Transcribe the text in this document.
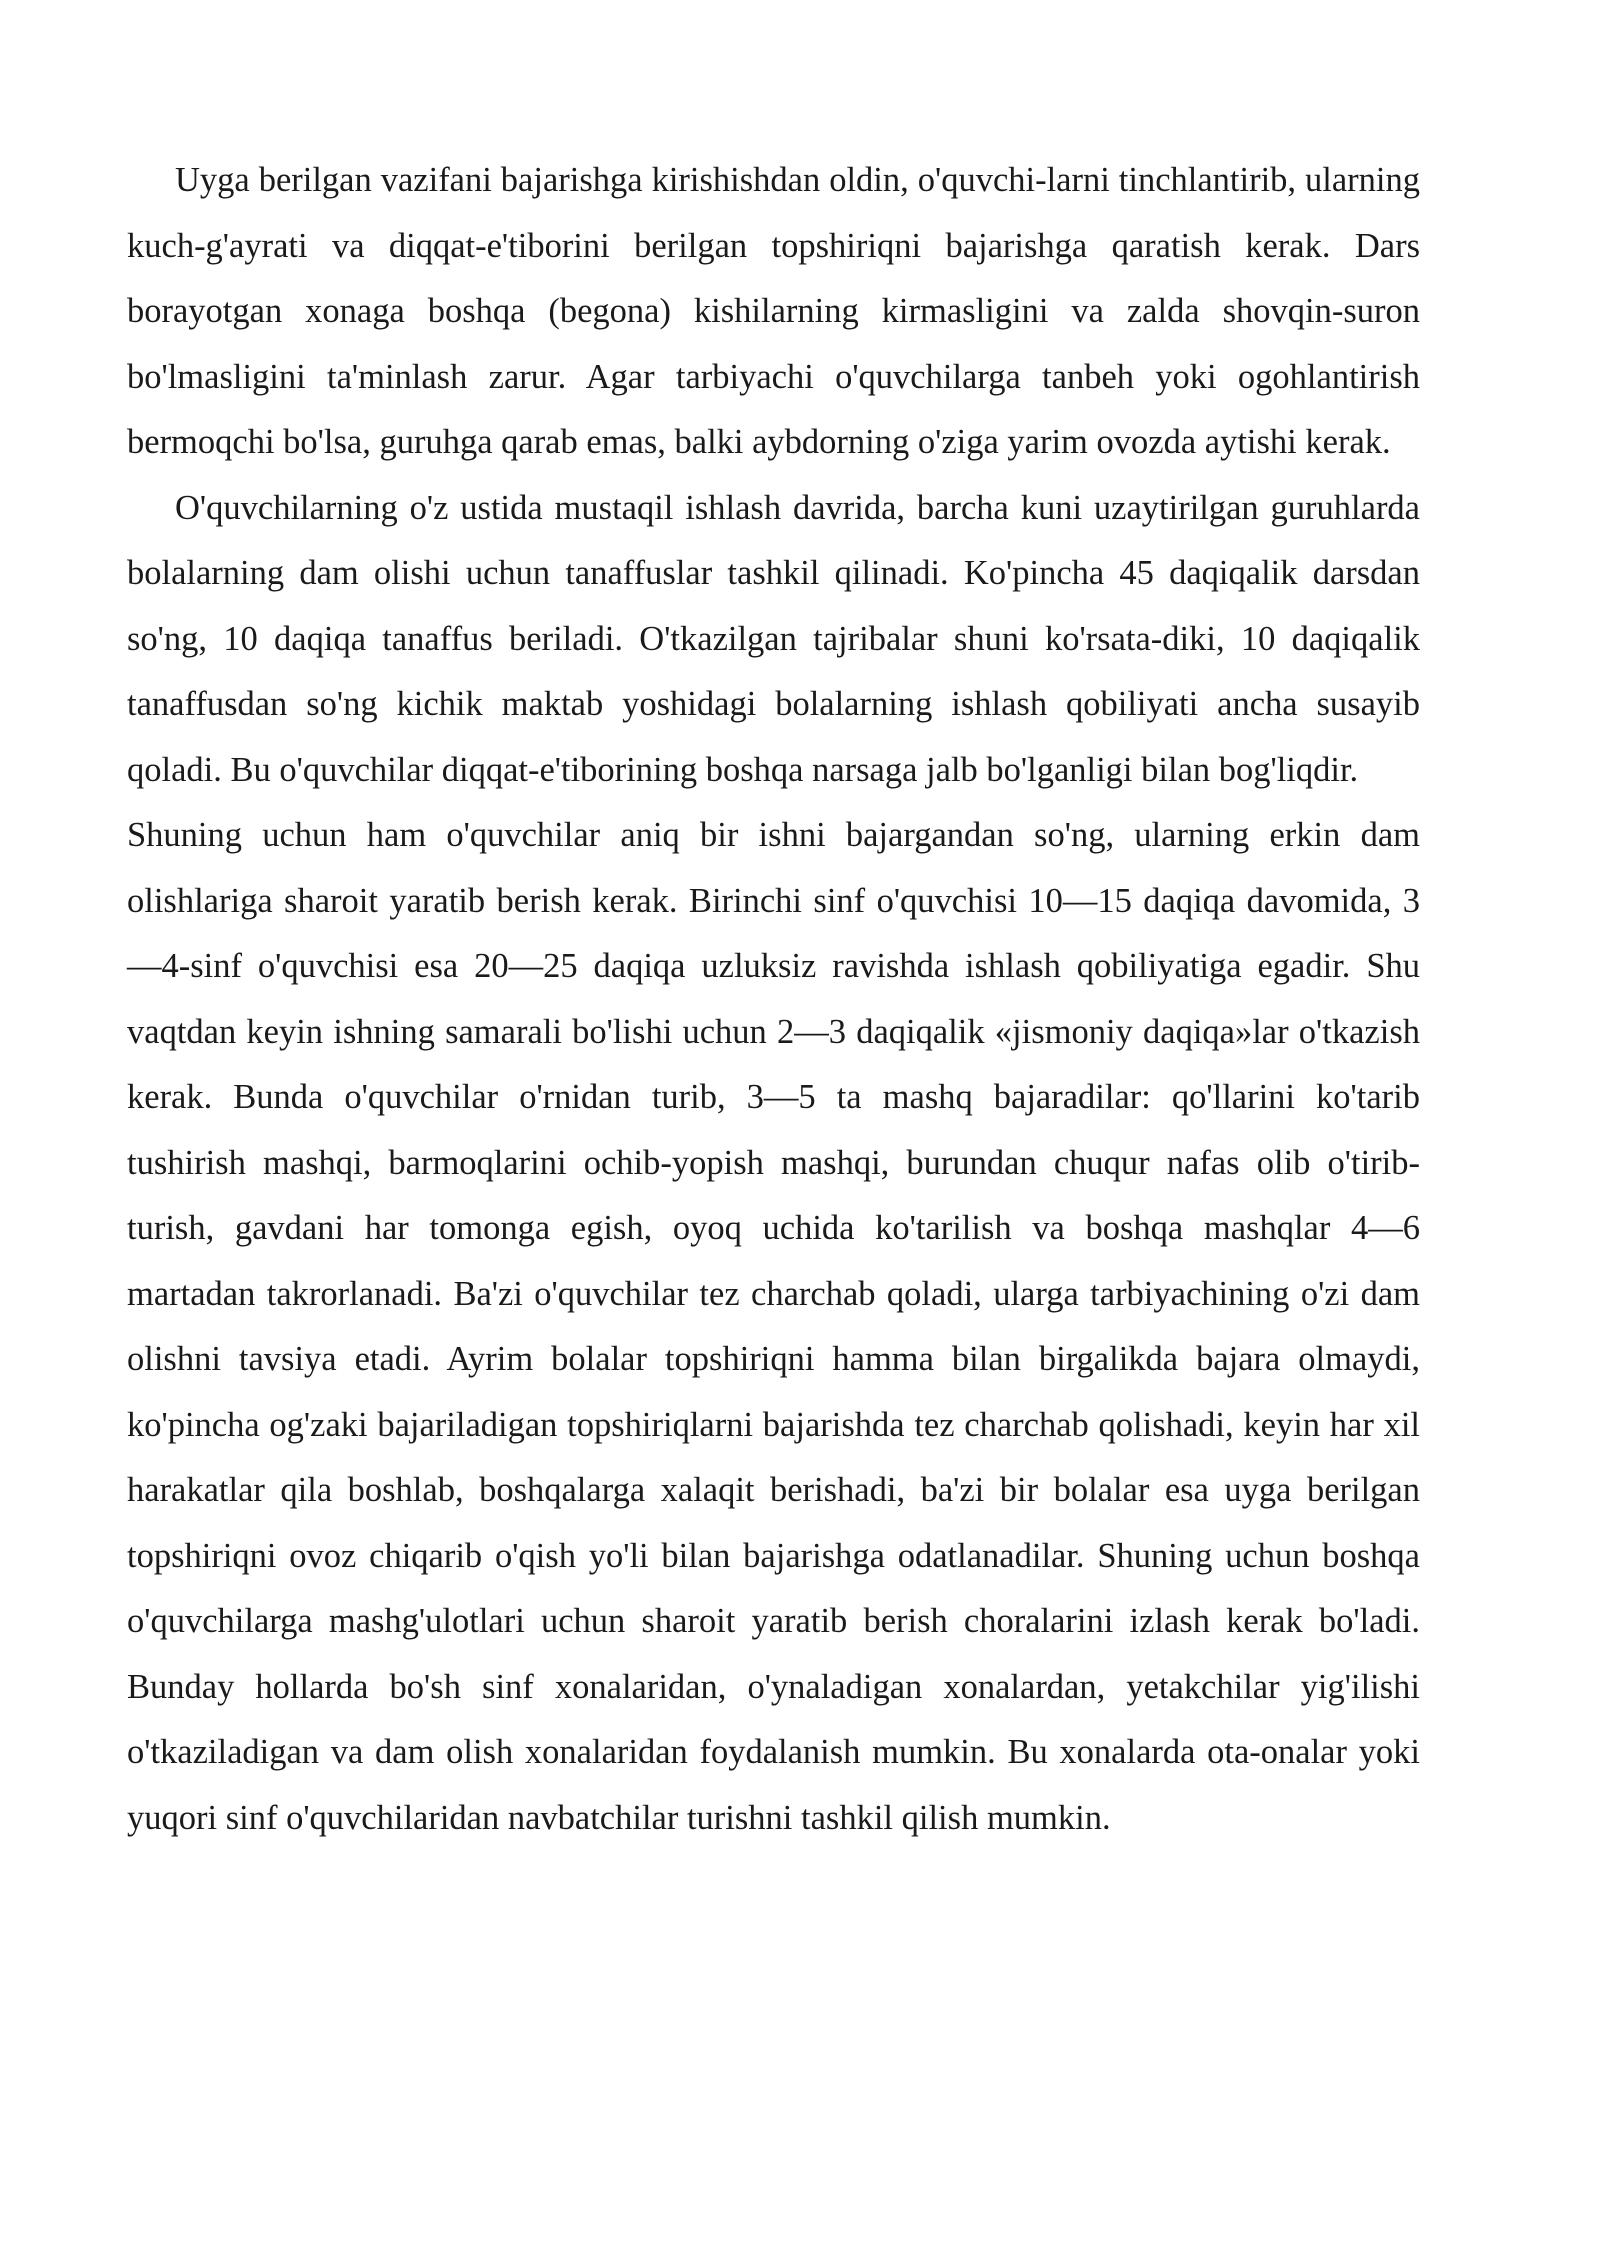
Uyga berilgan vazifani bajarishga kirishishdan oldin, o'quvchi-larni tinchlantirib, ularning kuch-g'ayrati va diqqat-e'tiborini berilgan topshiriqni bajarishga qaratish kerak. Dars borayotgan xonaga boshqa (begona) kishilarning kirmasligini va zalda shovqin-suron bo'lmasligini ta'minlash zarur. Agar tarbiyachi o'quvchilarga tanbeh yoki ogohlantirish bermoqchi bo'lsa, guruhga qarab emas, balki aybdorning o'ziga yarim ovozda aytishi kerak.

O'quvchilarning o'z ustida mustaqil ishlash davrida, barcha kuni uzaytirilgan guruhlarda bolalarning dam olishi uchun tanaffuslar tashkil qilinadi. Ko'pincha 45 daqiqalik darsdan so'ng, 10 daqiqa tanaffus beriladi. O'tkazilgan tajribalar shuni ko'rsata-diki, 10 daqiqalik tanaffusdan so'ng kichik maktab yoshidagi bolalarning ishlash qobiliyati ancha susayib qoladi. Bu o'quvchilar diqqat-e'tiborining boshqa narsaga jalb bo'lganligi bilan bog'liqdir.

Shuning uchun ham o'quvchilar aniq bir ishni bajargandan so'ng, ularning erkin dam olishlariga sharoit yaratib berish kerak. Birinchi sinf o'quvchisi 10—15 daqiqa davomida, 3—4-sinf o'quvchisi esa 20—25 daqiqa uzluksiz ravishda ishlash qobiliyatiga egadir. Shu vaqtdan keyin ishning samarali bo'lishi uchun 2—3 daqiqalik «jismoniy daqiqa»lar o'tkazish kerak. Bunda o'quvchilar o'rnidan turib, 3—5 ta mashq bajaradilar: qo'llarini ko'tarib tushirish mashqi, barmoqlarini ochib-yopish mashqi, burundan chuqur nafas olib o'tirib-turish, gavdani har tomonga egish, oyoq uchida ko'tarilish va boshqa mashqlar 4—6 martadan takrorlanadi. Ba'zi o'quvchilar tez charchab qoladi, ularga tarbiyachining o'zi dam olishni tavsiya etadi. Ayrim bolalar topshiriqni hamma bilan birgalikda bajara olmaydi, ko'pincha og'zaki bajariladigan topshiriqlarni bajarishda tez charchab qolishadi, keyin har xil harakatlar qila boshlab, boshqalarga xalaqit berishadi, ba'zi bir bolalar esa uyga berilgan topshiriqni ovoz chiqarib o'qish yo'li bilan bajarishga odatlanadilar. Shuning uchun boshqa o'quvchilarga mashg'ulotlari uchun sharoit yaratib berish choralarini izlash kerak bo'ladi. Bunday hollarda bo'sh sinf xonalaridan, o'ynaladigan xonalardan, yetakchilar yig'ilishi o'tkaziladigan va dam olish xonalaridan foydalanish mumkin. Bu xonalarda ota-onalar yoki yuqori sinf o'quvchilaridan navbatchilar turishni tashkil qilish mumkin.
